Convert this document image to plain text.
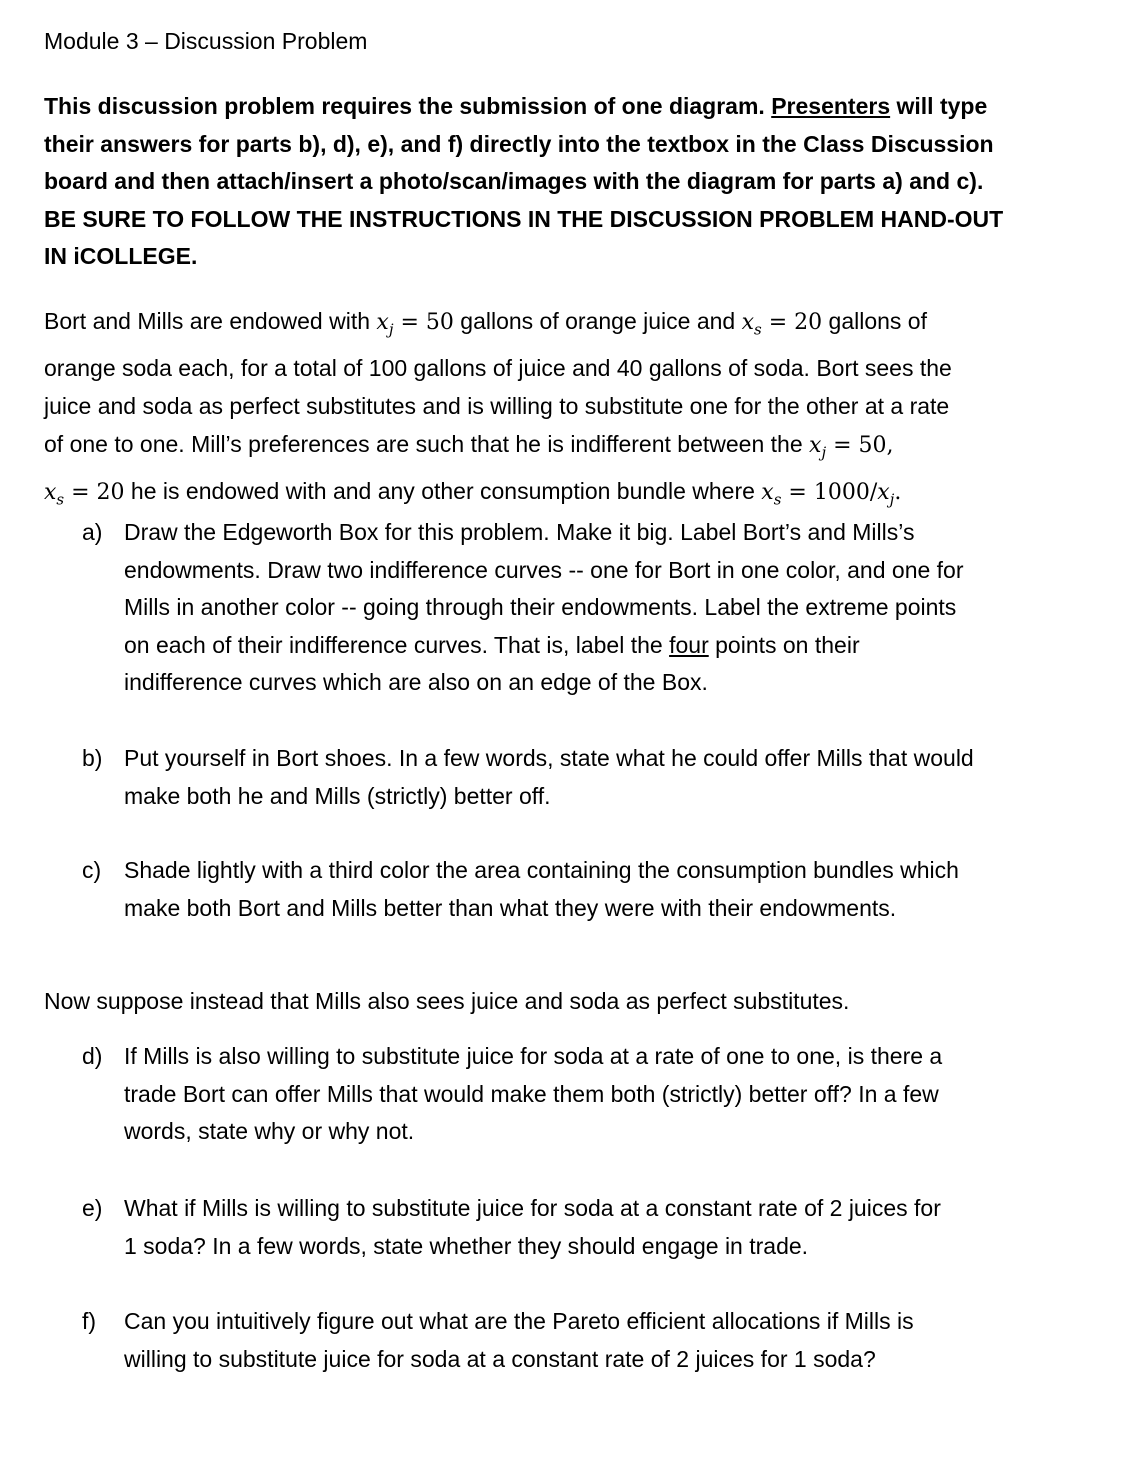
Module 3 – Discussion Problem
This discussion problem requires the submission of one diagram. Presenters will type
their answers for parts b), d), e), and f) directly into the textbox in the Class Discussion
board and then attach/insert a photo/scan/images with the diagram for parts a) and c).
BE SURE TO FOLLOW THE INSTRUCTIONS IN THE DISCUSSION PROBLEM HAND-OUT
IN iCOLLEGE.
Bort and Mills are endowed with $x_j = 50$ gallons of orange juice and $x_s = 20$ gallons of
orange soda each, for a total of 100 gallons of juice and 40 gallons of soda. Bort sees the
juice and soda as perfect substitutes and is willing to substitute one for the other at a rate
of one to one. Mill’s preferences are such that he is indifferent between the $x_j = 50$,
$x_s = 20$ he is endowed with and any other consumption bundle where $x_s = 1000/x_j$.
a) Draw the Edgeworth Box for this problem. Make it big. Label Bort’s and Mills’s
endowments. Draw two indifference curves -- one for Bort in one color, and one for
Mills in another color -- going through their endowments. Label the extreme points
on each of their indifference curves. That is, label the four points on their
indifference curves which are also on an edge of the Box.
b) Put yourself in Bort shoes. In a few words, state what he could offer Mills that would
make both he and Mills (strictly) better off.
c) Shade lightly with a third color the area containing the consumption bundles which
make both Bort and Mills better than what they were with their endowments.
Now suppose instead that Mills also sees juice and soda as perfect substitutes.
d) If Mills is also willing to substitute juice for soda at a rate of one to one, is there a
trade Bort can offer Mills that would make them both (strictly) better off? In a few
words, state why or why not.
e) What if Mills is willing to substitute juice for soda at a constant rate of 2 juices for
1 soda? In a few words, state whether they should engage in trade.
f)	Can you intuitively figure out what are the Pareto efficient allocations if Mills is
willing to substitute juice for soda at a constant rate of 2 juices for 1 soda?
